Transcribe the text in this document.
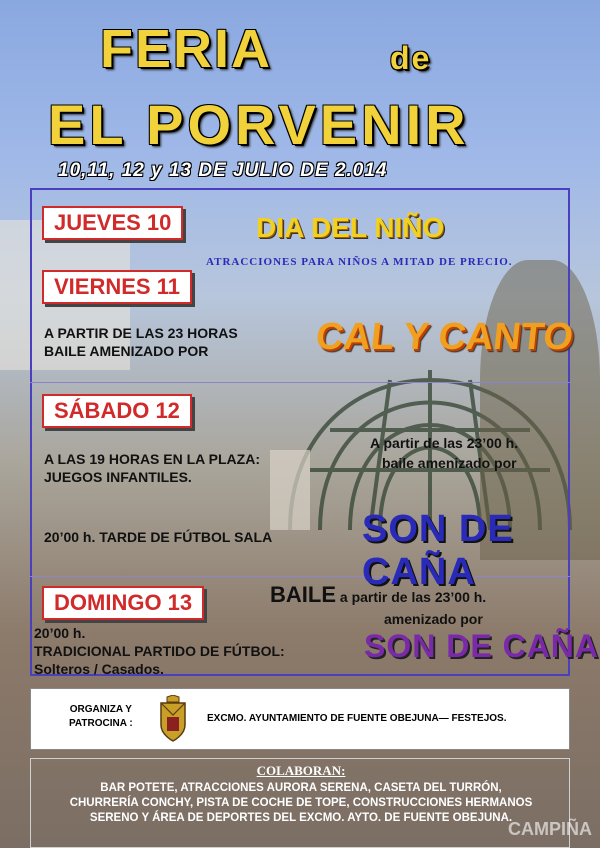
FERIA	de
EL PORVENIR
10,11, 12 y 13 DE JULIO DE 2.014
JUEVES 10	DIA DEL NIÑO
ATRACCIONES PARA NIÑOS A MITAD DE PRECIO.
VIERNES 11
A PARTIR DE LAS 23 HORAS
BAILE AMENIZADO POR	CAL Y CANTO
SÁBADO 12
A LAS 19 HORAS EN LA PLAZA:
JUEGOS INFANTILES.
A partir de las 23’00 h.
baile amenizado por
20’00 h. TARDE DE FÚTBOL SALA SON DE CAÑA
DOMINGO 13	BAILE a partir de las 23’00 h.
amenizado por
20’00 h.
TRADICIONAL PARTIDO DE FÚTBOL:
Solteros / Casados.
SON DE CAÑA
ORGANIZA Y
PATROCINA :	EXCMO. AYUNTAMIENTO DE FUENTE OBEJUNA— FESTEJOS.
COLABORAN:
BAR POTETE, ATRACCIONES AURORA SERENA, CASETA DEL TURRÓN,
CHURRERÍA CONCHY, PISTA DE COCHE DE TOPE, CONSTRUCCIONES HERMANOS
SERENO Y ÁREA DE DEPORTES DEL EXCMO. AYTO. DE FUENTE OBEJUNA.
CAMPIÑA
